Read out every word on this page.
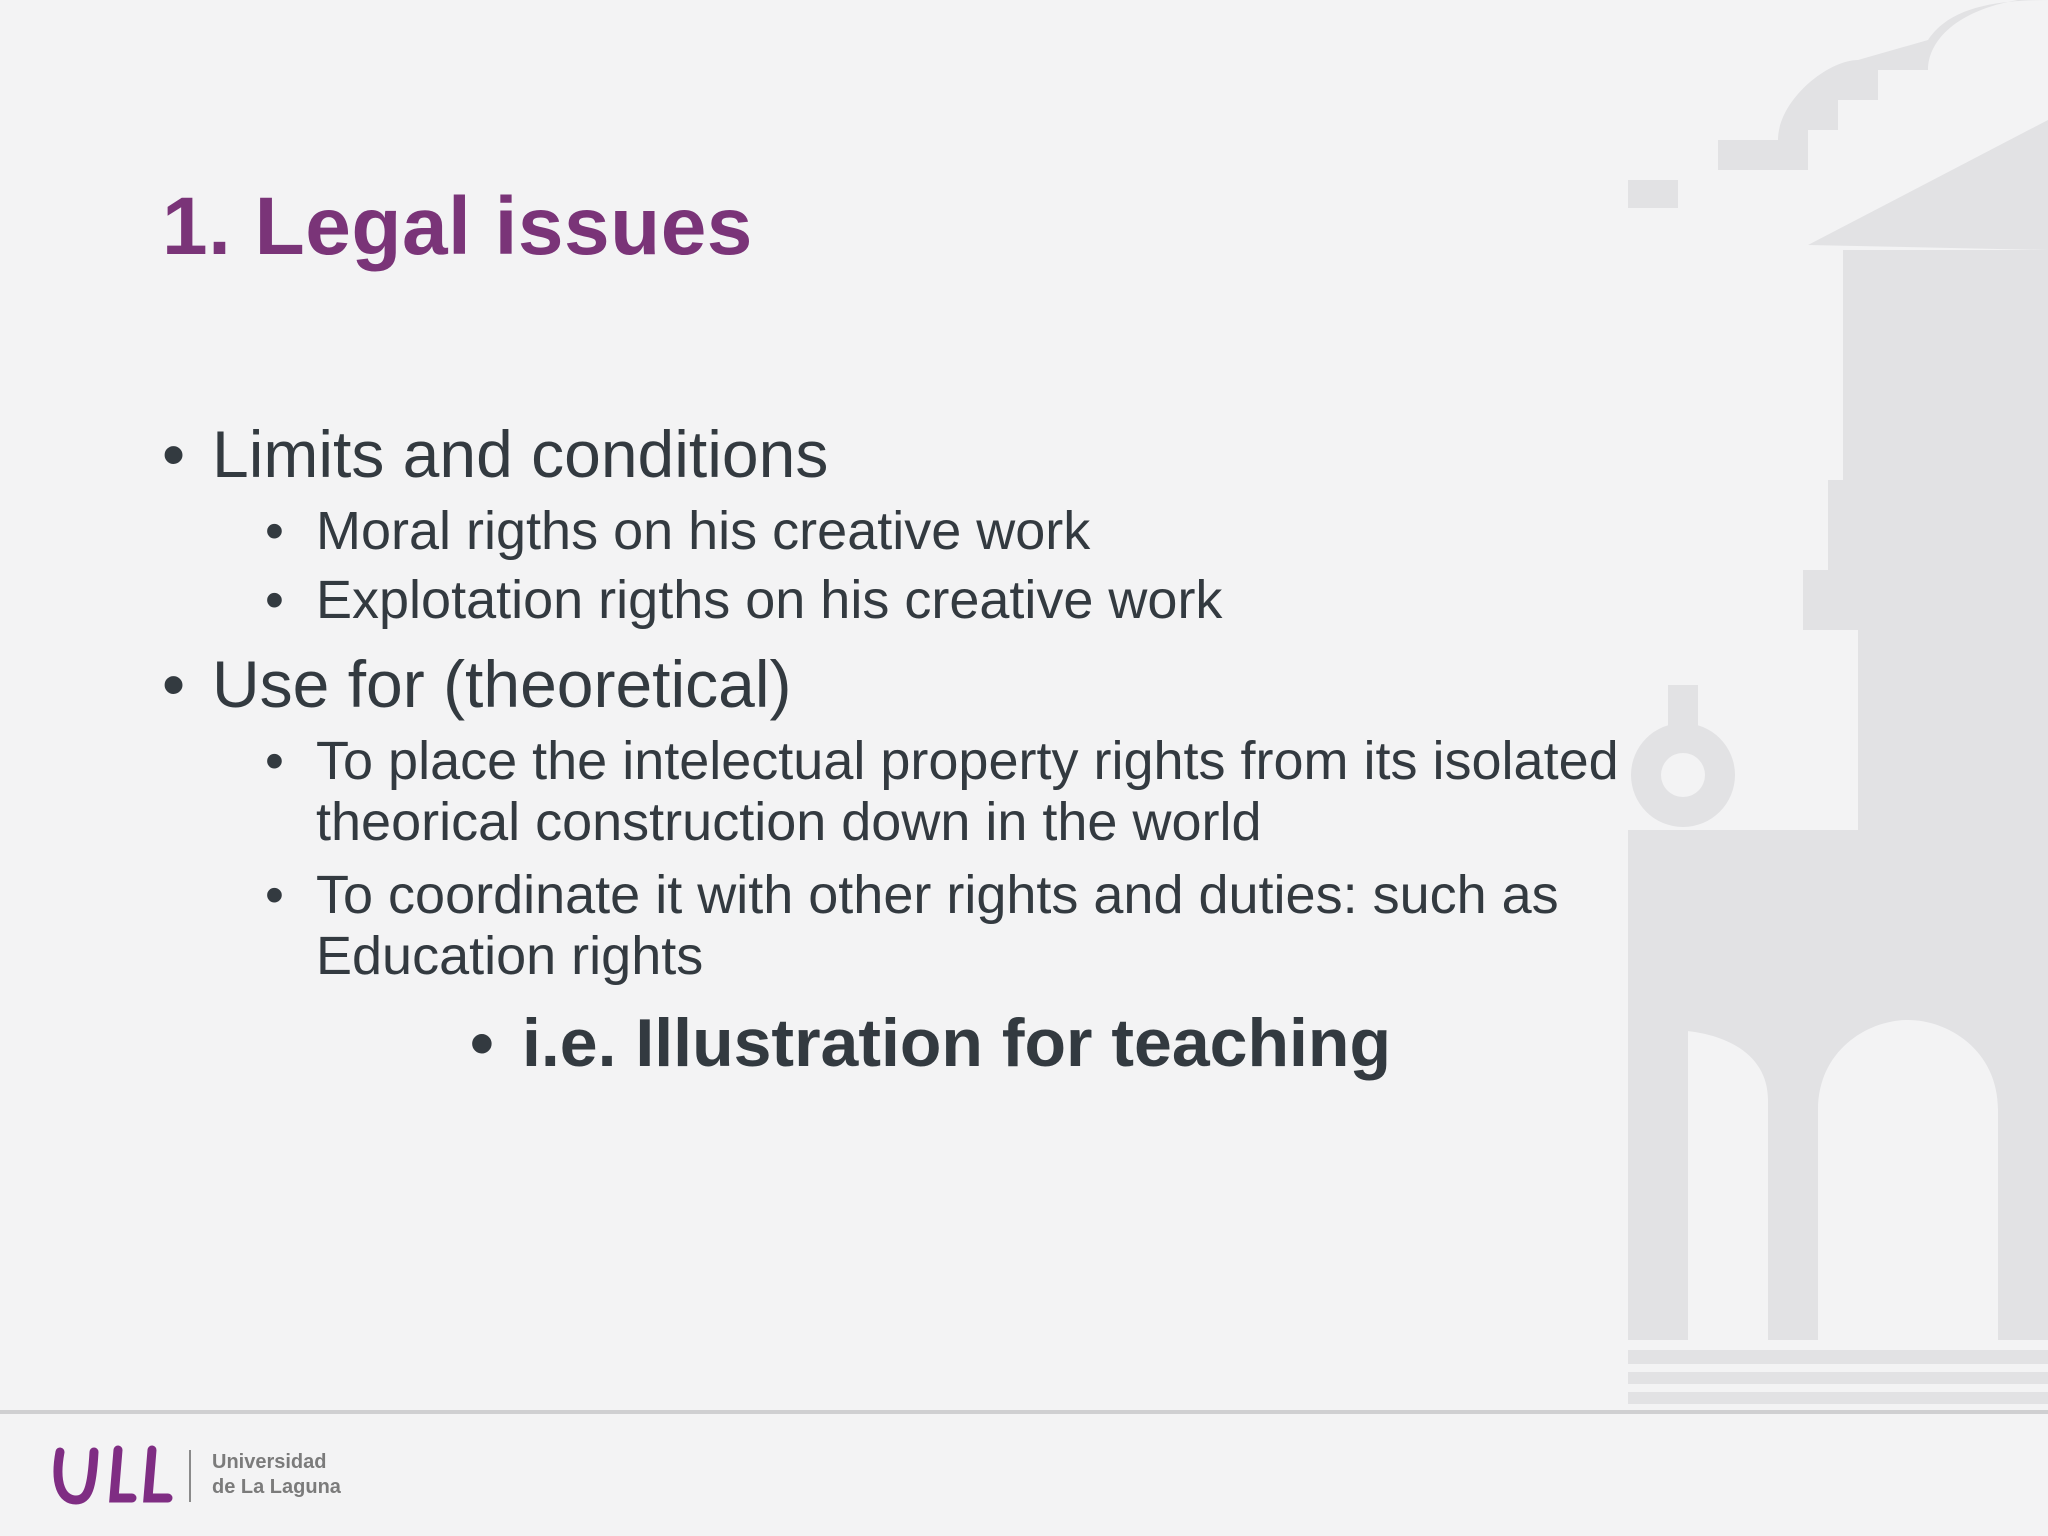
1. Legal issues
• Limits and conditions
• Moral rigths on his creative work
• Explotation rigths on his creative work
• Use for (theoretical)
• To place the intelectual property rights from its isolated theorical construction down in the world
• To coordinate it with other rights and duties: such as Education rights
• i.e. Illustration for teaching
Universidad
de La Laguna
